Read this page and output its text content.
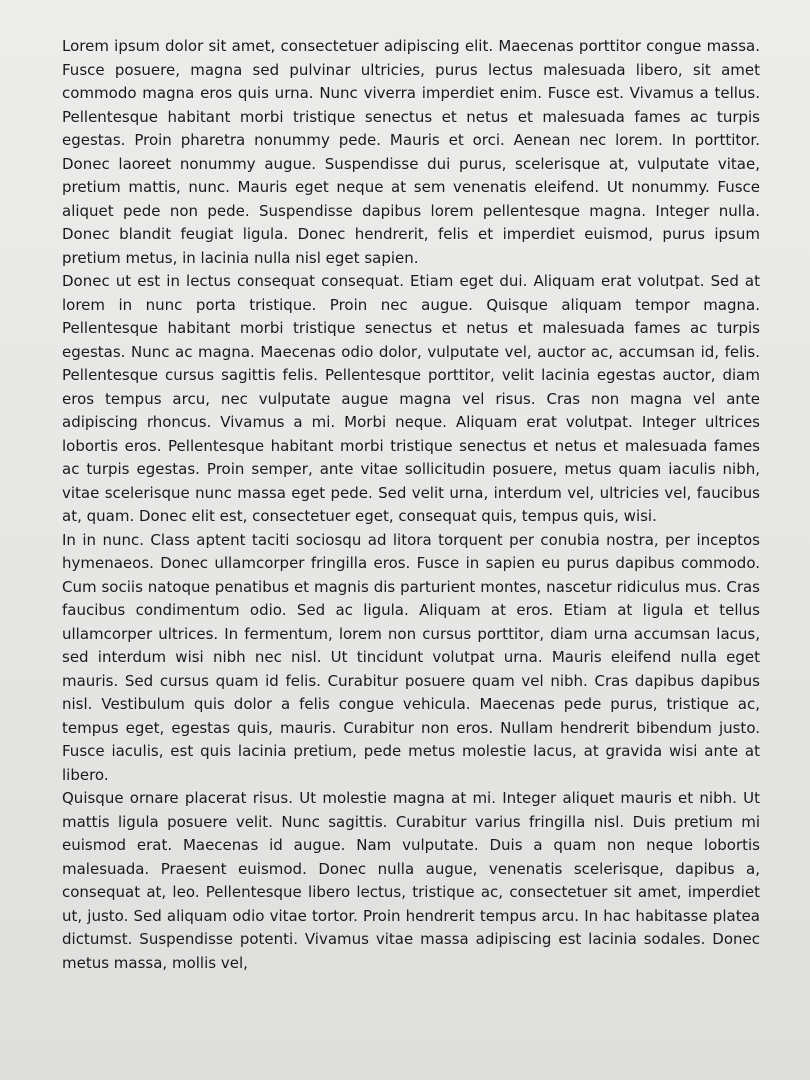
Lorem ipsum dolor sit amet, consectetuer adipiscing elit. Maecenas porttitor congue massa. Fusce posuere, magna sed pulvinar ultricies, purus lectus malesuada libero, sit amet commodo magna eros quis urna. Nunc viverra imperdiet enim. Fusce est. Vivamus a tellus. Pellentesque habitant morbi tristique senectus et netus et malesuada fames ac turpis egestas. Proin pharetra nonummy pede. Mauris et orci. Aenean nec lorem. In porttitor. Donec laoreet nonummy augue. Suspendisse dui purus, scelerisque at, vulputate vitae, pretium mattis, nunc. Mauris eget neque at sem venenatis eleifend. Ut nonummy. Fusce aliquet pede non pede. Suspendisse dapibus lorem pellentesque magna. Integer nulla. Donec blandit feugiat ligula. Donec hendrerit, felis et imperdiet euismod, purus ipsum pretium metus, in lacinia nulla nisl eget sapien.

Donec ut est in lectus consequat consequat. Etiam eget dui. Aliquam erat volutpat. Sed at lorem in nunc porta tristique. Proin nec augue. Quisque aliquam tempor magna. Pellentesque habitant morbi tristique senectus et netus et malesuada fames ac turpis egestas. Nunc ac magna. Maecenas odio dolor, vulputate vel, auctor ac, accumsan id, felis. Pellentesque cursus sagittis felis. Pellentesque porttitor, velit lacinia egestas auctor, diam eros tempus arcu, nec vulputate augue magna vel risus. Cras non magna vel ante adipiscing rhoncus. Vivamus a mi. Morbi neque. Aliquam erat volutpat. Integer ultrices lobortis eros. Pellentesque habitant morbi tristique senectus et netus et malesuada fames ac turpis egestas. Proin semper, ante vitae sollicitudin posuere, metus quam iaculis nibh, vitae scelerisque nunc massa eget pede. Sed velit urna, interdum vel, ultricies vel, faucibus at, quam. Donec elit est, consectetuer eget, consequat quis, tempus quis, wisi.

In in nunc. Class aptent taciti sociosqu ad litora torquent per conubia nostra, per inceptos hymenaeos. Donec ullamcorper fringilla eros. Fusce in sapien eu purus dapibus commodo. Cum sociis natoque penatibus et magnis dis parturient montes, nascetur ridiculus mus. Cras faucibus condimentum odio. Sed ac ligula. Aliquam at eros. Etiam at ligula et tellus ullamcorper ultrices. In fermentum, lorem non cursus porttitor, diam urna accumsan lacus, sed interdum wisi nibh nec nisl. Ut tincidunt volutpat urna. Mauris eleifend nulla eget mauris. Sed cursus quam id felis. Curabitur posuere quam vel nibh. Cras dapibus dapibus nisl. Vestibulum quis dolor a felis congue vehicula. Maecenas pede purus, tristique ac, tempus eget, egestas quis, mauris. Curabitur non eros. Nullam hendrerit bibendum justo. Fusce iaculis, est quis lacinia pretium, pede metus molestie lacus, at gravida wisi ante at libero.

Quisque ornare placerat risus. Ut molestie magna at mi. Integer aliquet mauris et nibh. Ut mattis ligula posuere velit. Nunc sagittis. Curabitur varius fringilla nisl. Duis pretium mi euismod erat. Maecenas id augue. Nam vulputate. Duis a quam non neque lobortis malesuada. Praesent euismod. Donec nulla augue, venenatis scelerisque, dapibus a, consequat at, leo. Pellentesque libero lectus, tristique ac, consectetuer sit amet, imperdiet ut, justo. Sed aliquam odio vitae tortor. Proin hendrerit tempus arcu. In hac habitasse platea dictumst. Suspendisse potenti. Vivamus vitae massa adipiscing est lacinia sodales. Donec metus massa, mollis vel,
